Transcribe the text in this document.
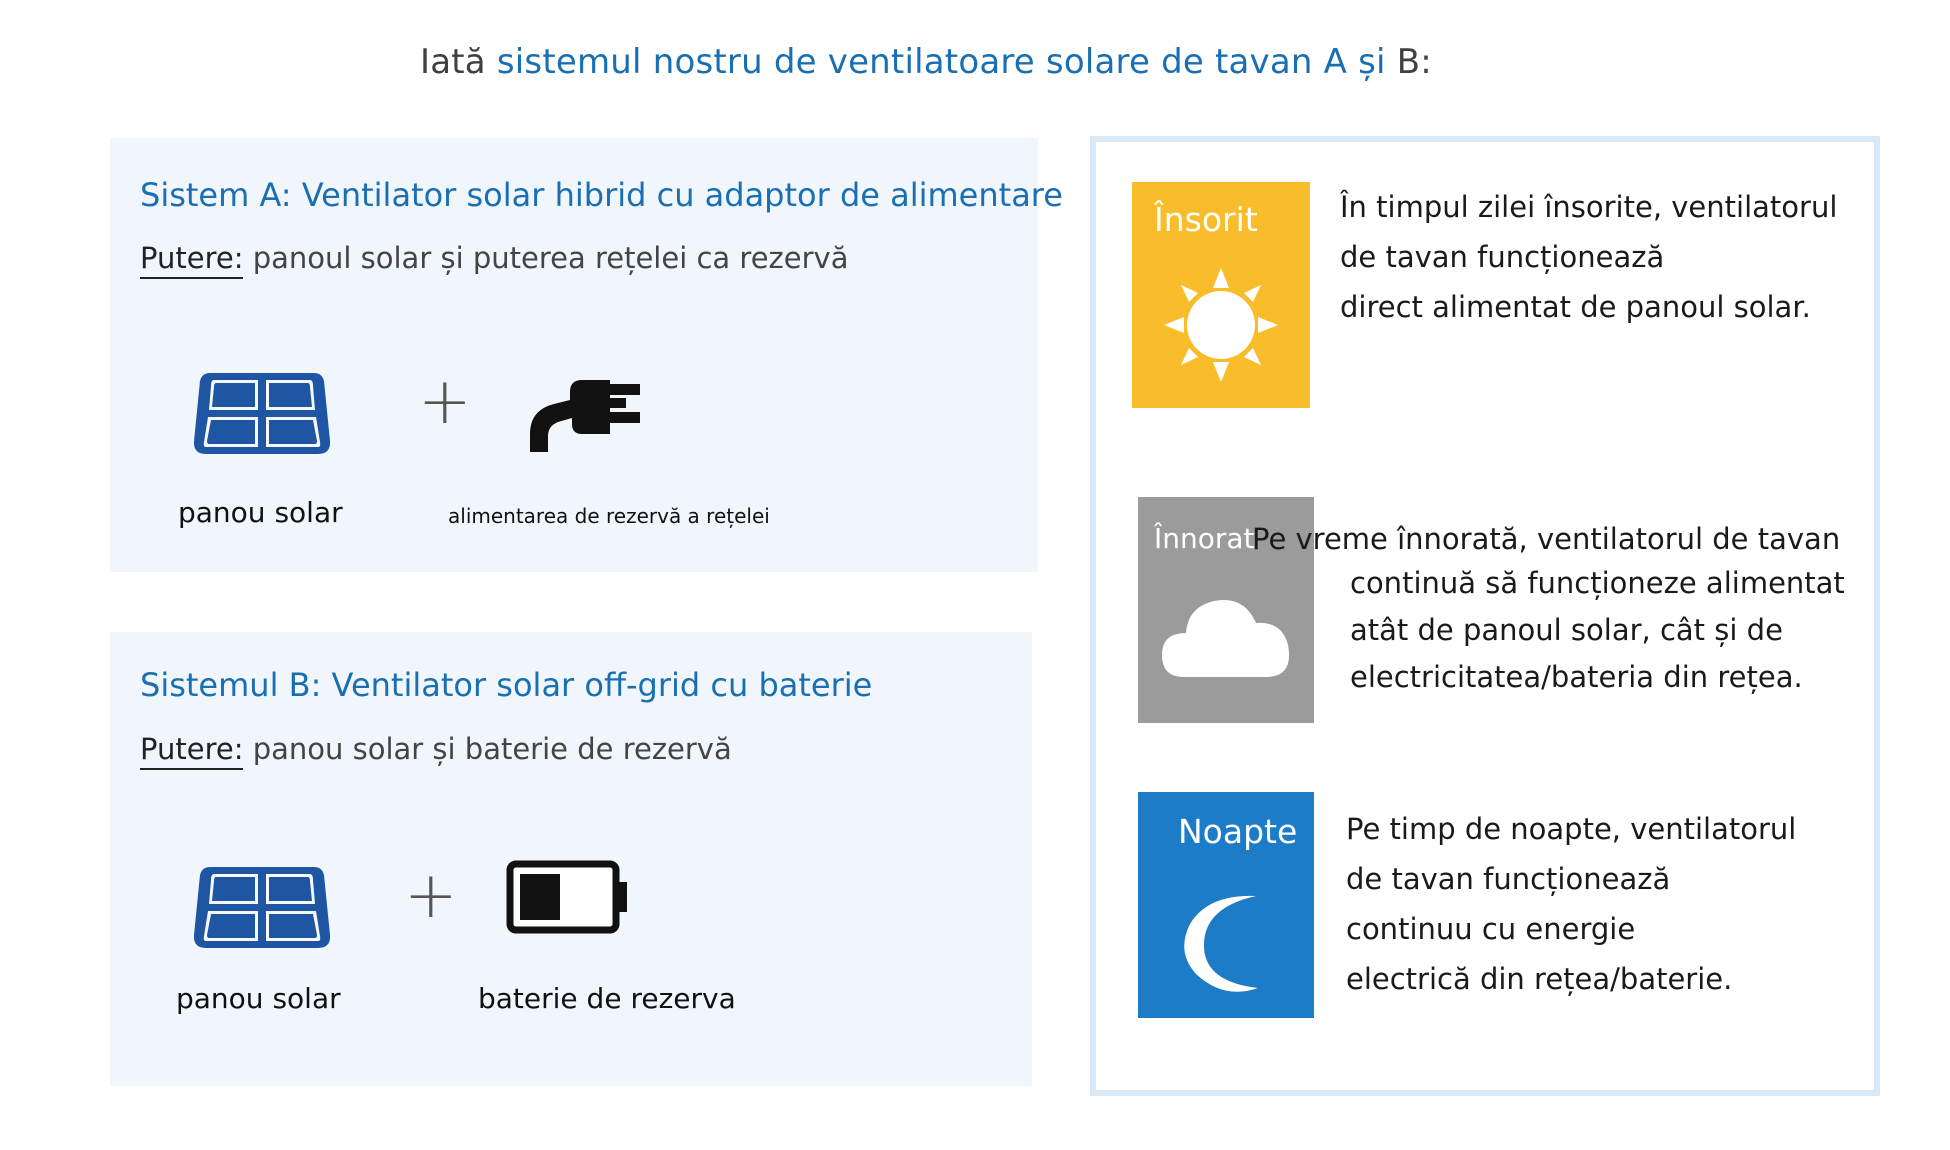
Iată sistemul nostru de ventilatoare solare de tavan A și B:
Sistem A: Ventilator solar hibrid cu adaptor de alimentare
Putere: panoul solar și puterea rețelei ca rezervă
+
panou solar	alimentarea de rezervă a rețelei
Sistemul B: Ventilator solar off-grid cu baterie
Putere: panou solar și baterie de rezervă
+
panou solar	baterie de rezerva
Însorit	În timpul zilei însorite, ventilatorul
de tavan funcționează
direct alimentat de panoul solar.
Înnorat
Pe vreme înnorată, ventilatorul de tavan
continuă să funcționeze alimentat
atât de panoul solar, cât și de
electricitatea/bateria din rețea.
Noapte Pe timp de noapte, ventilatorul
de tavan funcționează
continuu cu energie
electrică din rețea/baterie.
